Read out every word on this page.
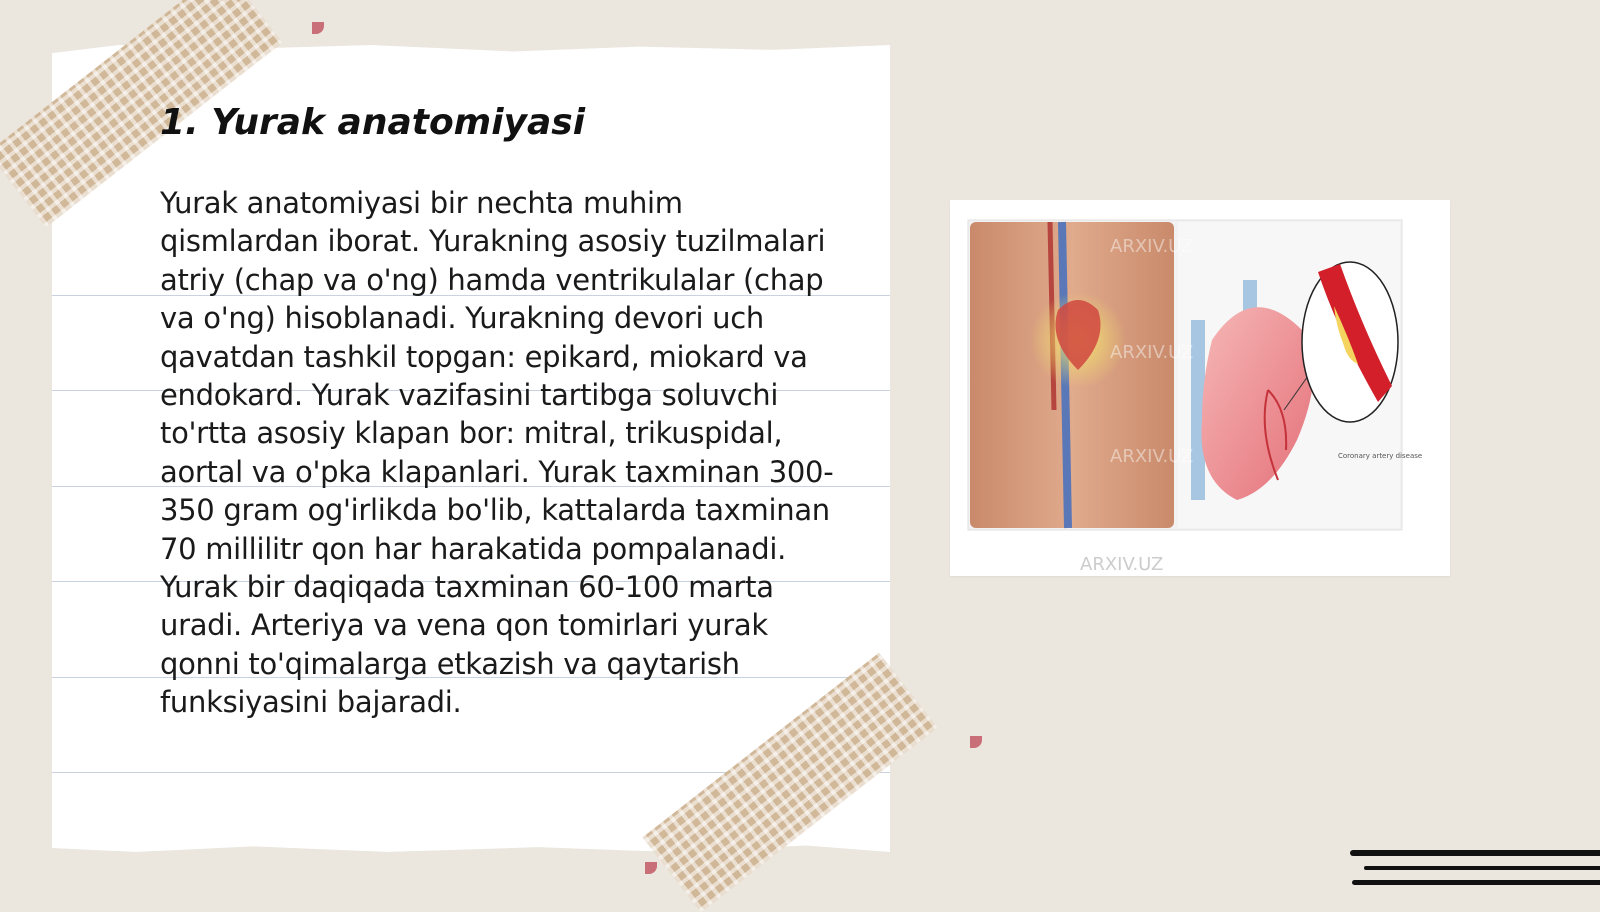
1. Yurak anatomiyasi

Yurak anatomiyasi bir nechta muhim qismlardan iborat. Yurakning asosiy tuzilmalari atriy (chap va o'ng) hamda ventrikulalar (chap va o'ng) hisoblanadi. Yurakning devori uch qavatdan tashkil topgan: epikard, miokard va endokard. Yurak vazifasini tartibga soluvchi to'rtta asosiy klapan bor: mitral, trikuspidal, aortal va o'pka klapanlari. Yurak taxminan 300-350 gram og'irlikda bo'lib, kattalarda taxminan 70 millilitr qon har harakatida pompalanadi. Yurak bir daqiqada taxminan 60-100 marta uradi. Arteriya va vena qon tomirlari yurak qonni to'qimalarga etkazish va qaytarish funksiyasini bajaradi.

Coronary artery disease
ARXIV.UZ
ARXIV.UZ
ARXIV.UZ
ARXIV.UZ
